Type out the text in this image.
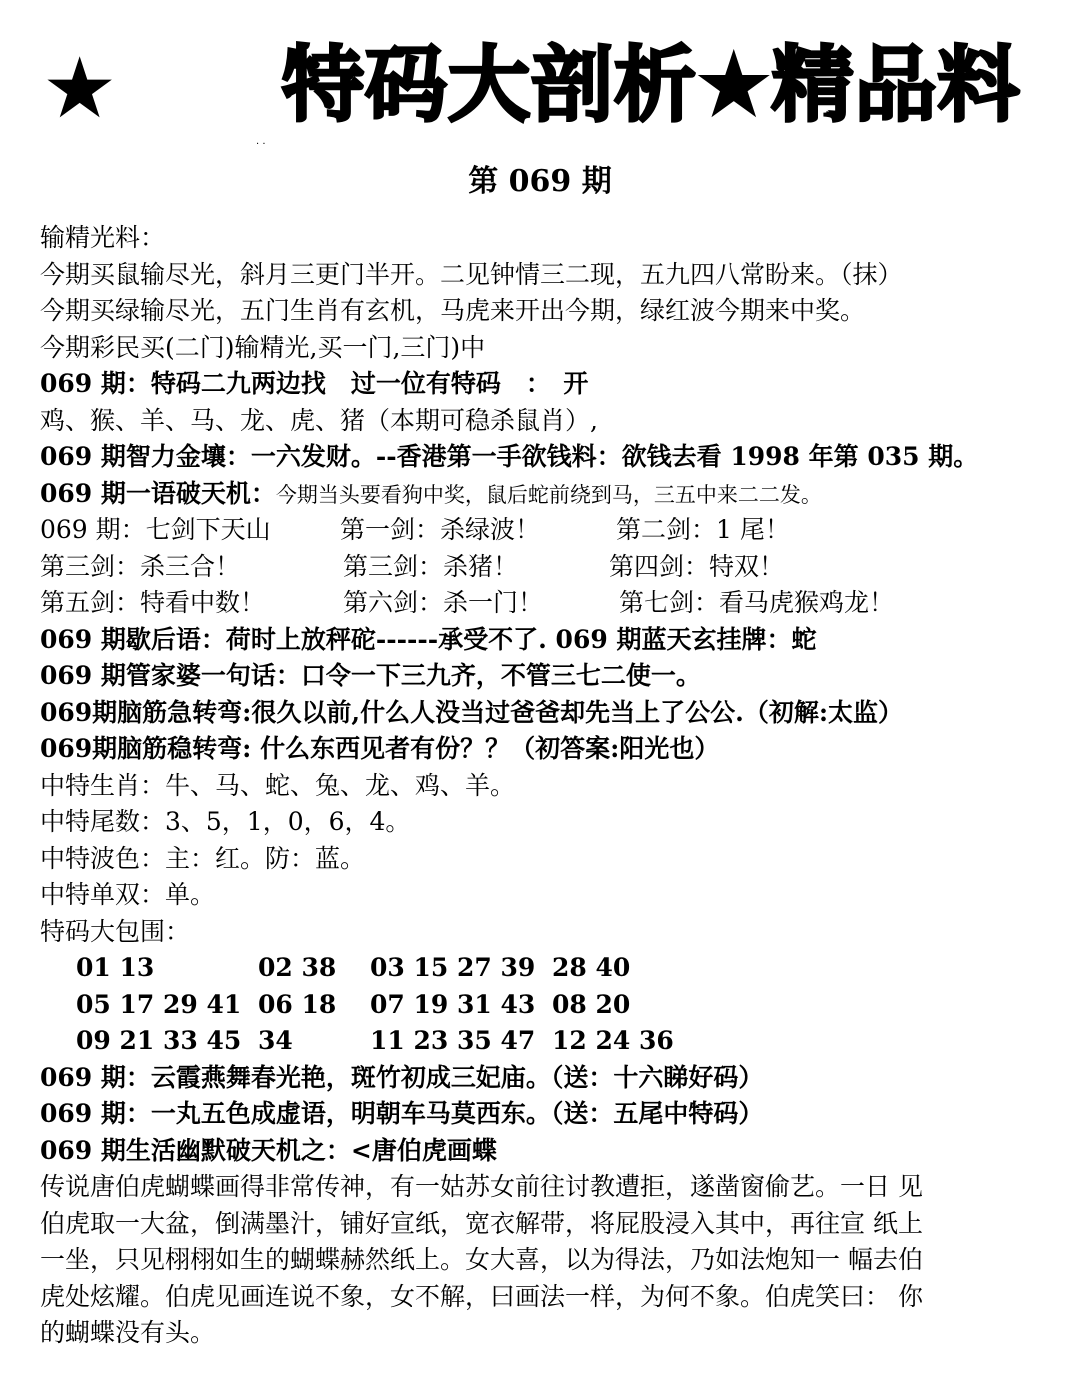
★ 特码大剖析★精品料
· ·
第 069 期
输精光料：
今期买鼠输尽光，斜月三更门半开。二见钟情三二现，五九四八常盼来。（抹）
今期买绿输尽光，五门生肖有玄机，马虎来开出今期，绿红波今期来中奖。
今期彩民买(二门)输精光,买一门,三门)中
069 期：特码二九两边找　过一位有特码　：　开
鸡、猴、羊、马、龙、虎、猪（本期可稳杀鼠肖）,
069 期智力金壤：一六发财。--香港第一手欲钱料：欲钱去看 1998 年第 035 期。
069 期一语破天机：今期当头要看狗中奖，鼠后蛇前绕到马，三五中来二二发。
069 期：七剑下天山	第一剑：杀绿波！	第二剑：1 尾！
第三剑：杀三合！	第三剑：杀猪！	第四剑：特双！
第五剑：特看中数！	第六剑：杀一门！	第七剑：看马虎猴鸡龙！
069 期歇后语：荷时上放秤砣------承受不了. 069 期蓝天玄挂牌：蛇
069 期管家婆一句话：口令一下三九齐，不管三七二使一。
069期脑筋急转弯:很久以前,什么人没当过爸爸却先当上了公公.（初解:太监）
069期脑筋稳转弯: 什么东西见者有份？？（初答案:阳光也）
中特生肖：牛、马、蛇、兔、龙、鸡、羊。
中特尾数：3、5，1，0，6，4。
中特波色：主：红。防：蓝。
中特单双：单。
特码大包围：
01 13	02 38	03 15 27 39 28 40
05 17 29 41 06 18	07 19 31 43 08 20
09 21 33 45 34	11 23 35 47 12 24 36
069 期：云霞燕舞春光艳，斑竹初成三妃庙。（送：十六睇好码）
069 期：一丸五色成虚语，明朝车马莫西东。（送：五尾中特码）
069 期生活幽默破天机之：<唐伯虎画蝶
传说唐伯虎蝴蝶画得非常传神，有一姑苏女前往讨教遭拒，遂凿窗偷艺。一日 见
伯虎取一大盆，倒满墨汁，铺好宣纸，宽衣解带，将屁股浸入其中，再往宣 纸上
一坐，只见栩栩如生的蝴蝶赫然纸上。女大喜，以为得法，乃如法炮知一 幅去伯
虎处炫耀。伯虎见画连说不象，女不解，曰画法一样，为何不象。伯虎笑曰： 你
的蝴蝶没有头。
